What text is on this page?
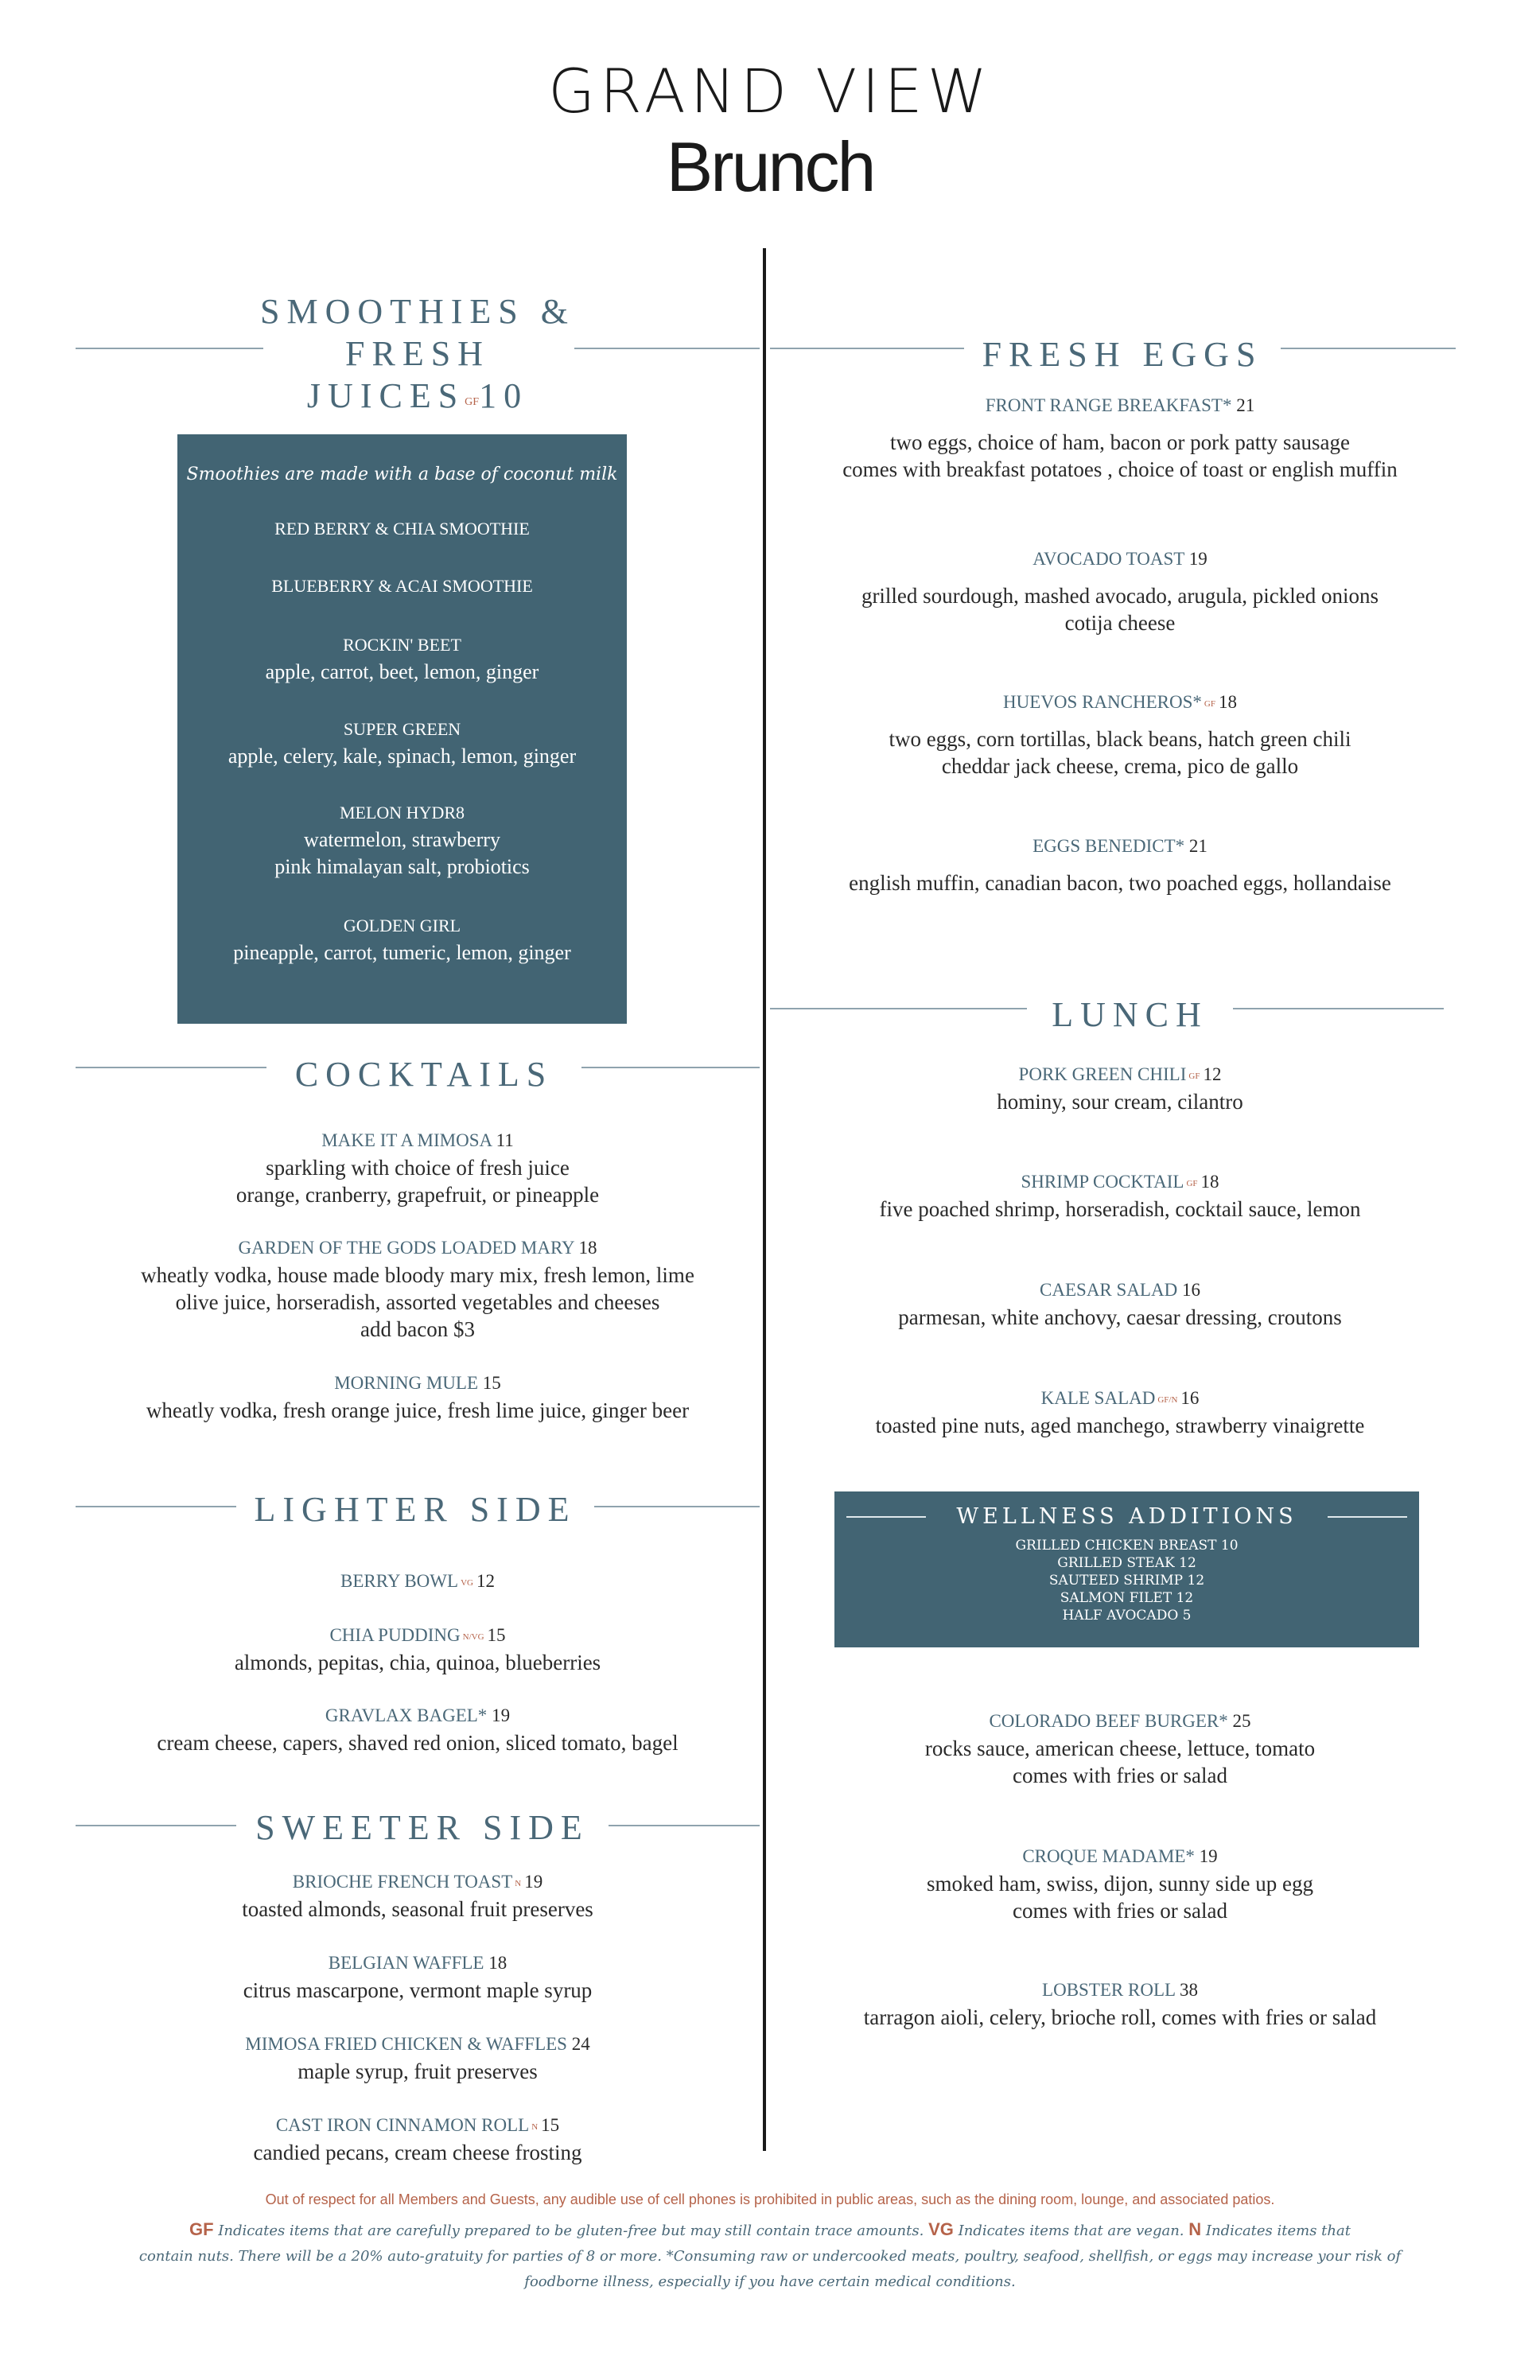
GRAND VIEW
Brunch
SMOOTHIES &
FRESH
$JUICES^{GF}10$
Smoothies are made with a base of coconut milk
COCKTAILS
LIGHTER SIDE
SWEETER SIDE
FRESH EGGS
LUNCH
WELLNESS ADDITIONS
GRILLED CHICKEN BREAST 10
GRILLED STEAK 12
SAUTEED SHRIMP 12
SALMON FILET 12
HALF AVOCADO 5
Out of respect for all Members and Guests, any audible use of cell phones is prohibited in public areas, such as the dining room, lounge, and associated patios.
GF Indicates items that are carefully prepared to be gluten-free but may still contain trace amounts. VG Indicates items that are vegan. N Indicates items that
contain nuts. There will be a 20% auto-gratuity for parties of 8 or more. *Consuming raw or undercooked meats, poultry, seafood, shellfish, or eggs may increase your risk of
foodborne illness, especially if you have certain medical conditions.
RED BERRY & CHIA SMOOTHIE
BLUEBERRY & ACAI SMOOTHIE
ROCKIN' BEET
apple, carrot, beet, lemon, ginger
SUPER GREEN
apple, celery, kale, spinach, lemon, ginger
MELON HYDR8
watermelon, strawberry
pink himalayan salt, probiotics
GOLDEN GIRL
pineapple, carrot, tumeric, lemon, ginger
MAKE IT A MIMOSA 11
sparkling with choice of fresh juice
orange, cranberry, grapefruit, or pineapple
GARDEN OF THE GODS LOADED MARY 18
wheatly vodka, house made bloody mary mix, fresh lemon, lime
olive juice, horseradish, assorted vegetables and cheeses
add bacon $3
MORNING MULE 15
wheatly vodka, fresh orange juice, fresh lime juice, ginger beer
BERRY BOWL $^{VG}$ 12
CHIA PUDDING $^{N/VG}$ 15
almonds, pepitas, chia, quinoa, blueberries
GRAVLAX BAGEL* 19
cream cheese, capers, shaved red onion, sliced tomato, bagel
BRIOCHE FRENCH TOAST $^N$ 19
toasted almonds, seasonal fruit preserves
BELGIAN WAFFLE 18
citrus mascarpone, vermont maple syrup
MIMOSA FRIED CHICKEN & WAFFLES 24
maple syrup, fruit preserves
CAST IRON CINNAMON ROLL $^N$ 15
candied pecans, cream cheese frosting
FRONT RANGE BREAKFAST* 21
two eggs, choice of ham, bacon or pork patty sausage
comes with breakfast potatoes , choice of toast or english muffin
AVOCADO TOAST 19
grilled sourdough, mashed avocado, arugula, pickled onions
cotija cheese
HUEVOS RANCHEROS* $^{GF}$ 18
two eggs, corn tortillas, black beans, hatch green chili
cheddar jack cheese, crema, pico de gallo
EGGS BENEDICT* 21
english muffin, canadian bacon, two poached eggs, hollandaise
PORK GREEN CHILI $^{GF}$ 12
hominy, sour cream, cilantro
SHRIMP COCKTAIL $^{GF}$ 18
five poached shrimp, horseradish, cocktail sauce, lemon
CAESAR SALAD 16
parmesan, white anchovy, caesar dressing, croutons
KALE SALAD $^{GF/N}$ 16
toasted pine nuts, aged manchego, strawberry vinaigrette
COLORADO BEEF BURGER* 25
rocks sauce, american cheese, lettuce, tomato
comes with fries or salad
CROQUE MADAME* 19
smoked ham, swiss, dijon, sunny side up egg
comes with fries or salad
LOBSTER ROLL 38
tarragon aioli, celery, brioche roll, comes with fries or salad
